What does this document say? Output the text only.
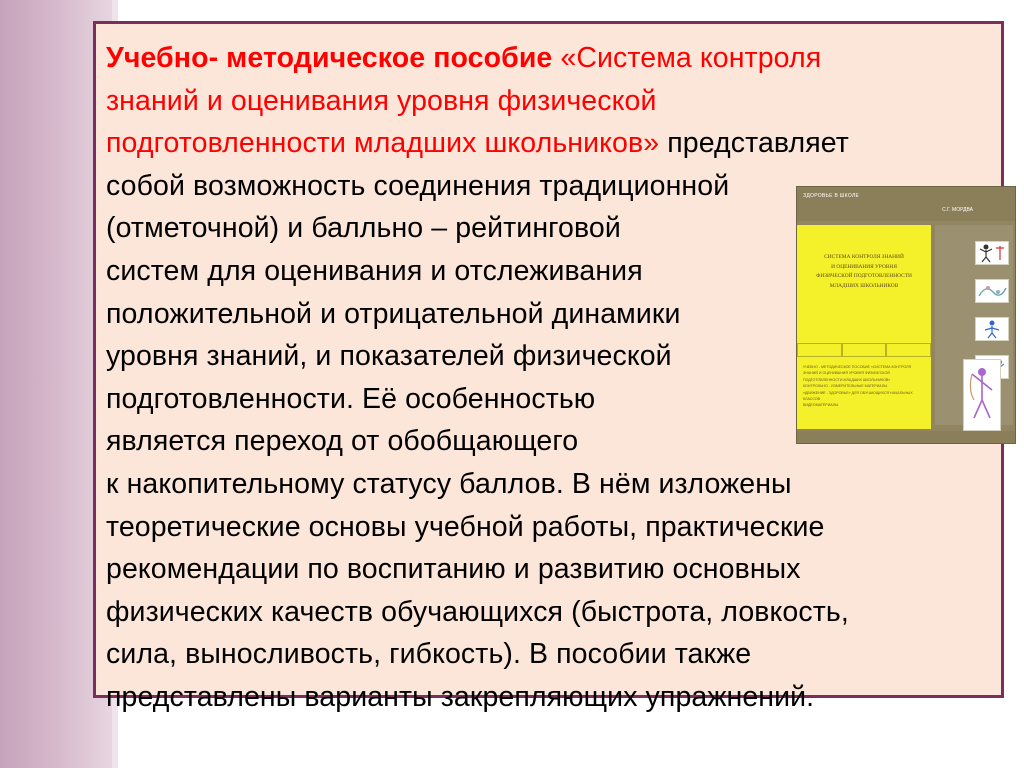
Учебно- методическое пособие «Система контроля
знаний и оценивания уровня физической
подготовленности младших школьников» представляет
собой возможность соединения традиционной
(отметочной) и балльно – рейтинговой
систем для оценивания и отслеживания
положительной и отрицательной динамики
уровня знаний, и показателей физической
подготовленности. Её особенностью
является переход от обобщающего
к накопительному статусу баллов. В нём изложены
теоретические основы учебной работы, практические
рекомендации по воспитанию и развитию основных
физических качеств обучающихся (быстрота, ловкость,
сила, выносливость, гибкость). В пособии также
представлены варианты закрепляющих упражнений.
ЗДОРОВЬЕ В ШКОЛЕ
С.Г. МОРДВА
СИСТЕМА КОНТРОЛЯ ЗНАНИЙ
И ОЦЕНИВАНИЯ УРОВНЯ
ФИЗИЧЕСКОЙ ПОДГОТОВЛЕННОСТИ
МЛАДШИХ ШКОЛЬНИКОВ
УЧЕБНО - МЕТОДИЧЕСКОЕ ПОСОБИЕ «СИСТЕМА КОНТРОЛЯ
ЗНАНИЙ И ОЦЕНИВАНИЯ УРОВНЯ ФИЗИЧЕСКОЙ
ПОДГОТОВЛЕННОСТИ МЛАДШИХ ШКОЛЬНИКОВ»
КОНТРОЛЬНО - ИЗМЕРИТЕЛЬНЫЕ МАТЕРИАЛЫ
«ДВИЖЕНИЕ - ЗДОРОВЬЕ» ДЛЯ ОБУЧАЮЩИХСЯ НАЧАЛЬНЫХ
КЛАССОВ
ВИДЕОМАТЕРИАЛЫ
